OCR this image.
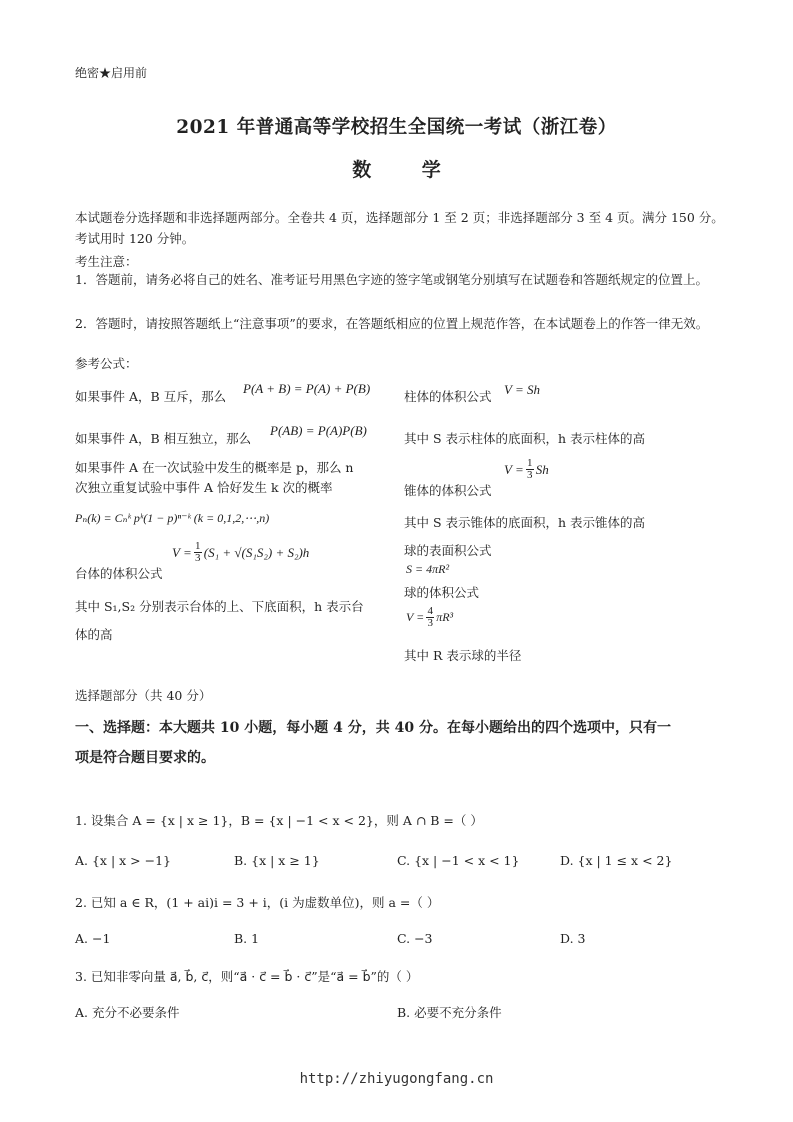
绝密★启用前
2021 年普通高等学校招生全国统一考试（浙江卷）
数 学
本试题卷分选择题和非选择题两部分。全卷共 4 页，选择题部分 1 至 2 页；非选择题部分 3 至 4 页。满分 150 分。考试用时 120 分钟。
考生注意：
1．答题前，请务必将自己的姓名、准考证号用黑色字迹的签字笔或钢笔分别填写在试题卷和答题纸规定的位置上。
2．答题时，请按照答题纸上“注意事项”的要求，在答题纸相应的位置上规范作答，在本试题卷上的作答一律无效。
参考公式：
如果事件 A，B 互斥，那么
P(A + B) = P(A) + P(B)
如果事件 A，B 相互独立，那么
P(AB) = P(A)P(B)
如果事件 A 在一次试验中发生的概率是 p，那么 n
次独立重复试验中事件 A 恰好发生 k 次的概率
Pₙ(k) = Cₙᵏ pᵏ(1 − p)ⁿ⁻ᵏ (k = 0,1,2,⋯,n)
台体的体积公式
V = 1
3 (S₁ + √(S₁S₂) + S₂)h
其中 S₁,S₂ 分别表示台体的上、下底面积，h 表示台
体的高
柱体的体积公式 V = Sh
其中 S 表示柱体的底面积，h 表示柱体的高
锥体的体积公式
V = 1
3 Sh
其中 S 表示锥体的底面积，h 表示锥体的高
球的表面积公式
S = 4πR²
球的体积公式
V = 4
3 πR³
其中 R 表示球的半径
选择题部分（共 40 分）
一、选择题：本大题共 10 小题，每小题 4 分，共 40 分。在每小题给出的四个选项中，只有一
项是符合题目要求的。
1. 设集合 A = {x | x ≥ 1}，B = {x | −1 < x < 2}，则 A ∩ B =（ ）
A. {x | x > −1}	B. {x | x ≥ 1}	C. {x | −1 < x < 1}	D. {x | 1 ≤ x < 2}
2. 已知 a ∈ R，(1 + ai)i = 3 + i，(i 为虚数单位)，则 a =（ ）
A. −1	B. 1	C. −3	D. 3
3. 已知非零向量 a⃗, b⃗, c⃗，则“a⃗ · c⃗ = b⃗ · c⃗”是“a⃗ = b⃗”的（ ）
A. 充分不必要条件	B. 必要不充分条件
http://zhiyugongfang.cn
